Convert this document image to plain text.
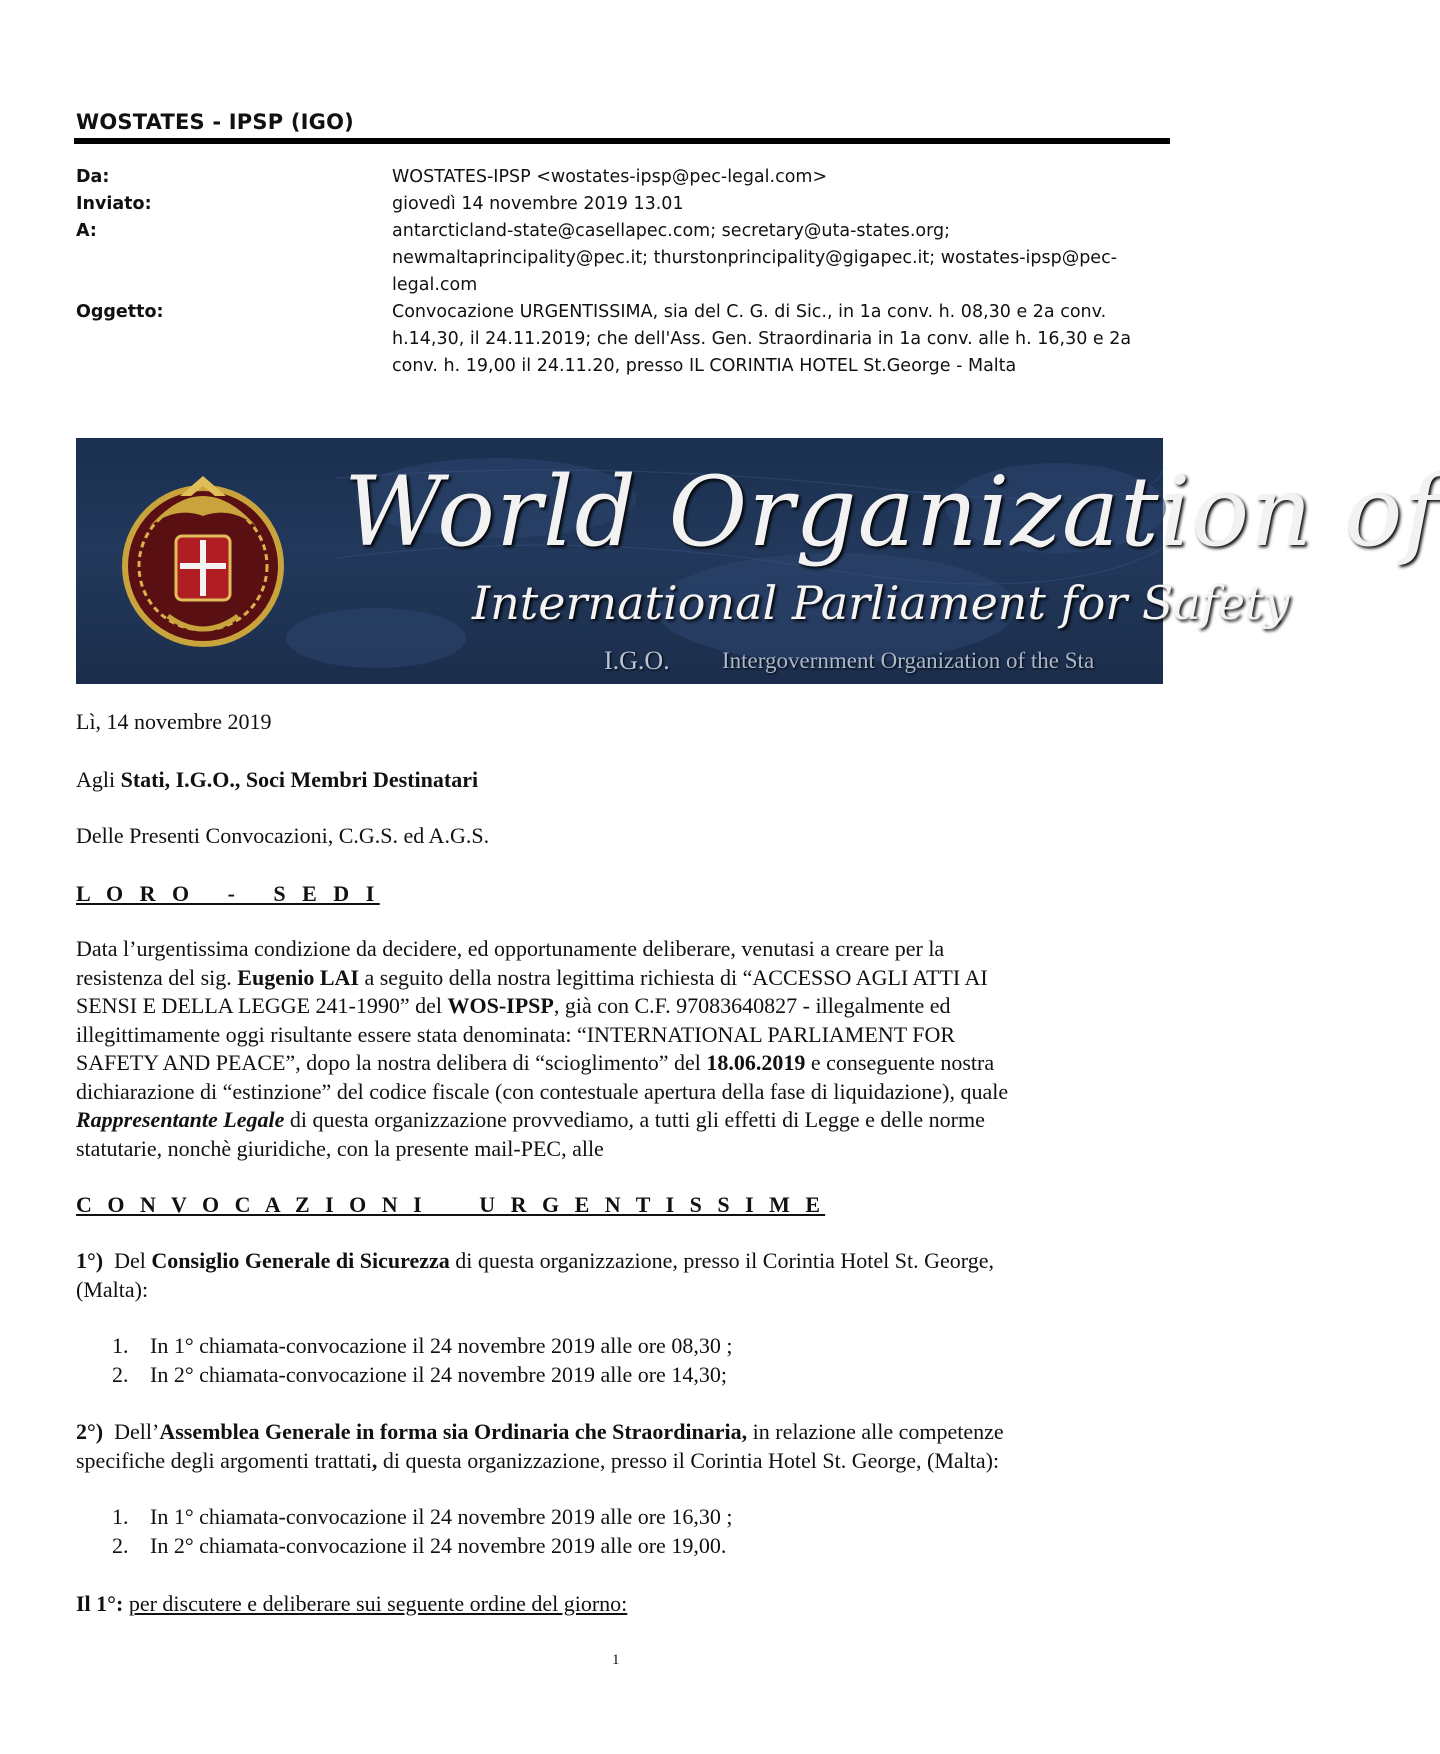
WOSTATES - IPSP (IGO)
Da:	WOSTATES-IPSP <wostates-ipsp@pec-legal.com>
Inviato:	giovedì 14 novembre 2019 13.01
A:	antarcticland-state@casellapec.com; secretary@uta-states.org;
newmaltaprincipality@pec.it; thurstonprincipality@gigapec.it; wostates-ipsp@pec-
legal.com
Oggetto:	Convocazione URGENTISSIMA, sia del C. G. di Sic., in 1a conv. h. 08,30 e 2a conv.
h.14,30, il 24.11.2019; che dell'Ass. Gen. Straordinaria in 1a conv. alle h. 16,30 e 2a
conv. h. 19,00 il 24.11.20, presso IL CORINTIA HOTEL St.George - Malta
World Organization of
International Parliament for Safety
I.G.O. Intergovernment Organization of the Sta
Lì, 14 novembre 2019
Agli Stati, I.G.O., Soci Membri Destinatari
Delle Presenti Convocazioni, C.G.S. ed A.G.S.
L O R O   -   S E D I
Data l’urgentissima condizione da decidere, ed opportunamente deliberare, venutasi a creare per la
resistenza del sig. Eugenio LAI a seguito della nostra legittima richiesta di “ACCESSO AGLI ATTI AI
SENSI E DELLA LEGGE 241-1990” del WOS-IPSP, già con C.F. 97083640827 - illegalmente ed
illegittimamente oggi risultante essere stata denominata: “INTERNATIONAL PARLIAMENT FOR
SAFETY AND PEACE”, dopo la nostra delibera di “scioglimento” del 18.06.2019 e conseguente nostra
dichiarazione di “estinzione” del codice fiscale (con contestuale apertura della fase di liquidazione), quale
Rappresentante Legale di questa organizzazione provvediamo, a tutti gli effetti di Legge e delle norme
statutarie, nonchè giuridiche, con la presente mail-PEC, alle
C O N V O C A Z I O N I     U R G E N T I S S I M E
1°)  Del Consiglio Generale di Sicurezza di questa organizzazione, presso il Corintia Hotel St. George,
(Malta):
1. In 1° chiamata-convocazione il 24 novembre 2019 alle ore 08,30 ;
2. In 2° chiamata-convocazione il 24 novembre 2019 alle ore 14,30;
2°)  Dell’Assemblea Generale in forma sia Ordinaria che Straordinaria, in relazione alle competenze
specifiche degli argomenti trattati, di questa organizzazione, presso il Corintia Hotel St. George, (Malta):
1. In 1° chiamata-convocazione il 24 novembre 2019 alle ore 16,30 ;
2. In 2° chiamata-convocazione il 24 novembre 2019 alle ore 19,00.
Il 1°: per discutere e deliberare sui seguente ordine del giorno:
1
